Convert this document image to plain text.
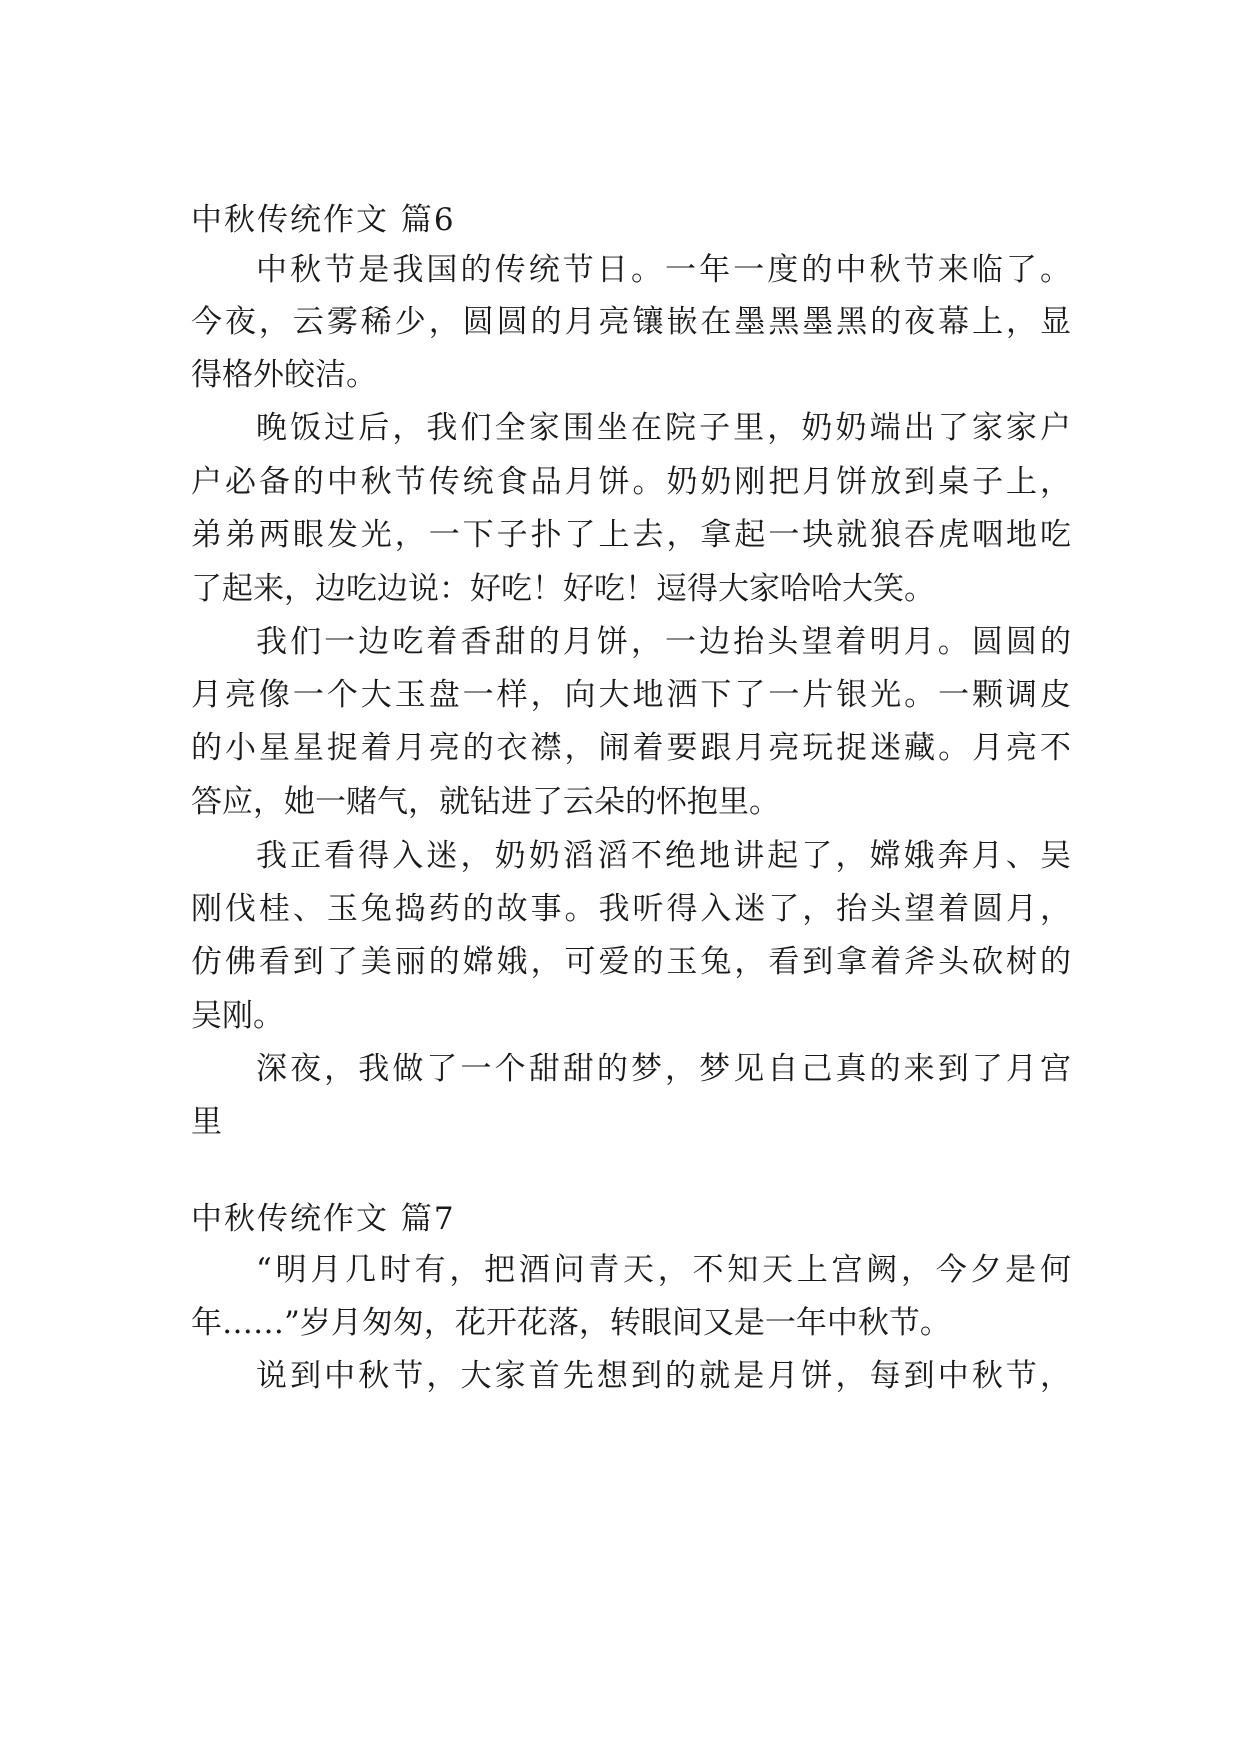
中秋传统作文 篇6
中秋节是我国的传统节日。一年一度的中秋节来临了。
今夜，云雾稀少，圆圆的月亮镶嵌在墨黑墨黑的夜幕上，显
得格外皎洁。
晚饭过后，我们全家围坐在院子里，奶奶端出了家家户
户必备的中秋节传统食品月饼。奶奶刚把月饼放到桌子上，
弟弟两眼发光，一下子扑了上去，拿起一块就狼吞虎咽地吃
了起来，边吃边说：好吃！好吃！逗得大家哈哈大笑。
我们一边吃着香甜的月饼，一边抬头望着明月。圆圆的
月亮像一个大玉盘一样，向大地洒下了一片银光。一颗调皮
的小星星捉着月亮的衣襟，闹着要跟月亮玩捉迷藏。月亮不
答应，她一赌气，就钻进了云朵的怀抱里。
我正看得入迷，奶奶滔滔不绝地讲起了，嫦娥奔月、吴
刚伐桂、玉兔捣药的故事。我听得入迷了，抬头望着圆月，
仿佛看到了美丽的嫦娥，可爱的玉兔，看到拿着斧头砍树的
吴刚。
深夜，我做了一个甜甜的梦，梦见自己真的来到了月宫
里
中秋传统作文 篇7
“明月几时有，把酒问青天，不知天上宫阙，今夕是何
年……”岁月匆匆，花开花落，转眼间又是一年中秋节。
说到中秋节，大家首先想到的就是月饼，每到中秋节，
